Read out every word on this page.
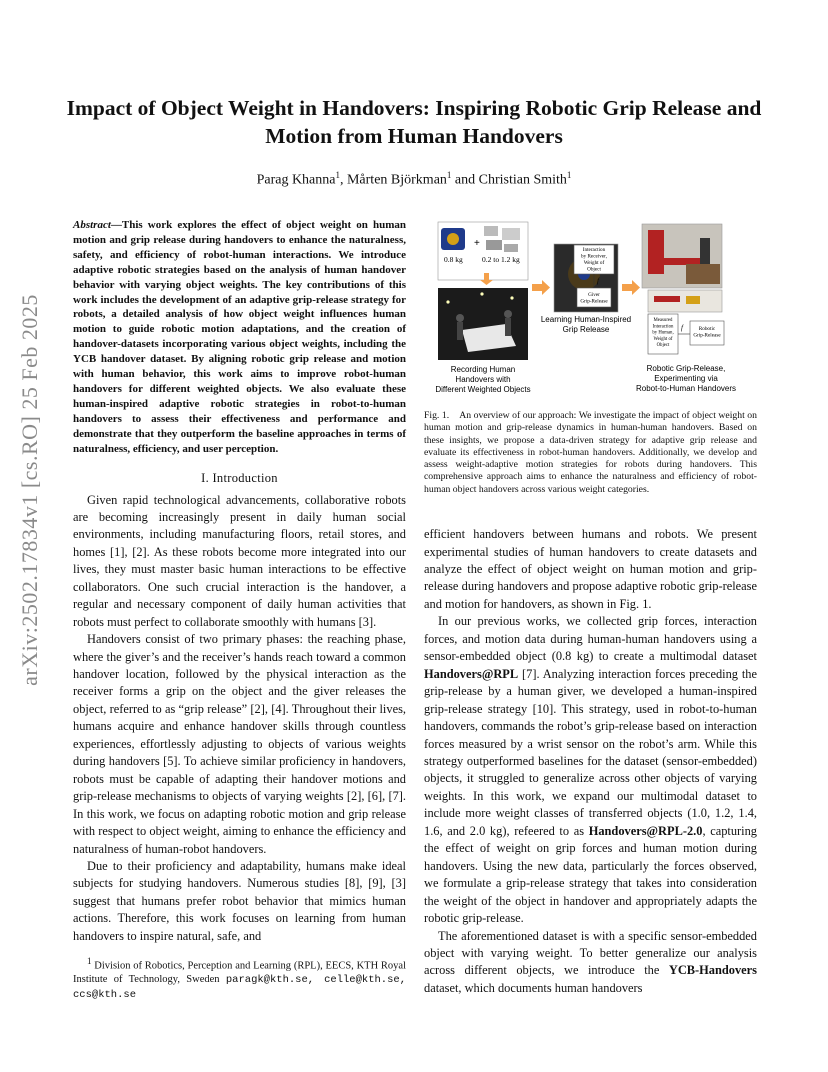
arXiv:2502.17834v1 [cs.RO] 25 Feb 2025
Impact of Object Weight in Handovers: Inspiring Robotic Grip Release and Motion from Human Handovers
Parag Khanna$^1$, Mårten Björkman$^1$ and Christian Smith$^1$

Abstract—This work explores the effect of object weight on human motion and grip release during handovers to enhance the naturalness, safety, and efficiency of robot-human interactions. We introduce adaptive robotic strategies based on the analysis of human handover behavior with varying object weights. The key contributions of this work includes the development of an adaptive grip-release strategy for robots, a detailed analysis of how object weight influences human motion to guide robotic motion adaptations, and the creation of handover-datasets incorporating various object weights, including the YCB handover dataset. By aligning robotic grip release and motion with human behavior, this work aims to improve robot-human handovers for different weighted objects. We also evaluate these human-inspired adaptive robotic strategies in robot-to-human handovers to assess their effectiveness and performance and demonstrate that they outperform the baseline approaches in terms of naturalness, efficiency, and user perception.

I. Introduction

Given rapid technological advancements, collaborative robots are becoming increasingly present in daily human social environments, including manufacturing floors, retail stores, and homes [1], [2]. As these robots become more integrated into our lives, they must master basic human interactions to be effective collaborators. One such crucial interaction is the handover, a regular and necessary component of daily human activities that robots must perfect to collaborate smoothly with humans [3].

Handovers consist of two primary phases: the reaching phase, where the giver’s and the receiver’s hands reach toward a common handover location, followed by the physical interaction as the receiver forms a grip on the object and the giver releases the object, referred to as “grip release” [2], [4]. Throughout their lives, humans acquire and enhance handover skills through countless experiences, effortlessly adjusting to objects of various weights during handovers [5]. To achieve similar proficiency in handovers, robots must be capable of adapting their handover motions and grip-release mechanisms to objects of varying weights [2], [6], [7]. In this work, we focus on adapting robotic motion and grip release with respect to object weight, aiming to enhance the efficiency and naturalness of human-robot handovers.

Due to their proficiency and adaptability, humans make ideal subjects for studying handovers. Numerous studies [8], [9], [3] suggest that humans prefer robot behavior that mimics human actions. Therefore, this work focuses on learning from human handovers to inspire natural, safe, and

$^1$ Division of Robotics, Perception and Learning (RPL), EECS, KTH Royal Institute of Technology, Sweden paragk@kth.se, celle@kth.se, ccs@kth.se
+
0.8 kg	0.2 to 1.2 kg
Recording Human Handovers with Different Weighted Objects
Interaction by Receiver, Weight of Object
f
Giver Grip-Release
Learning Human-Inspired Grip Release
Measured Interaction by Human, Weight of Object
f	Robotic Grip-Release
Robotic Grip-Release, Experimenting via Robot-to-Human Handovers

Fig. 1. An overview of our approach: We investigate the impact of object weight on human motion and grip-release dynamics in human-human handovers. Based on these insights, we propose a data-driven strategy for adaptive grip release and evaluate its effectiveness in robot-human handovers. Additionally, we develop and assess weight-adaptive motion strategies for robots during handovers. This comprehensive approach aims to enhance the naturalness and efficiency of robot-human object handovers across various weight categories.

efficient handovers between humans and robots. We present experimental studies of human handovers to create datasets and analyze the effect of object weight on human motion and grip-release during handovers and propose adaptive robotic grip-release and motion for handovers, as shown in Fig. 1.

In our previous works, we collected grip forces, interaction forces, and motion data during human-human handovers using a sensor-embedded object (0.8 kg) to create a multimodal dataset Handovers@RPL [7]. Analyzing interaction forces preceding the grip-release by a human giver, we developed a human-inspired grip-release strategy [10]. This strategy, used in robot-to-human handovers, commands the robot’s grip-release based on interaction forces measured by a wrist sensor on the robot’s arm. While this strategy outperformed baselines for the dataset (sensor-embedded) objects, it struggled to generalize across other objects of varying weights. In this work, we expand our multimodal dataset to include more weight classes of transferred objects (1.0, 1.2, 1.4, 1.6, and 2.0 kg), refeered to as Handovers@RPL-2.0, capturing the effect of weight on grip forces and human motion during handovers. Using the new data, particularly the forces observed, we formulate a grip-release strategy that takes into consideration the weight of the object in handover and appropriately adapts the robotic grip-release.

The aforementioned dataset is with a specific sensor-embedded object with varying weight. To better generalize our analysis across different objects, we introduce the YCB-Handovers dataset, which documents human handovers
